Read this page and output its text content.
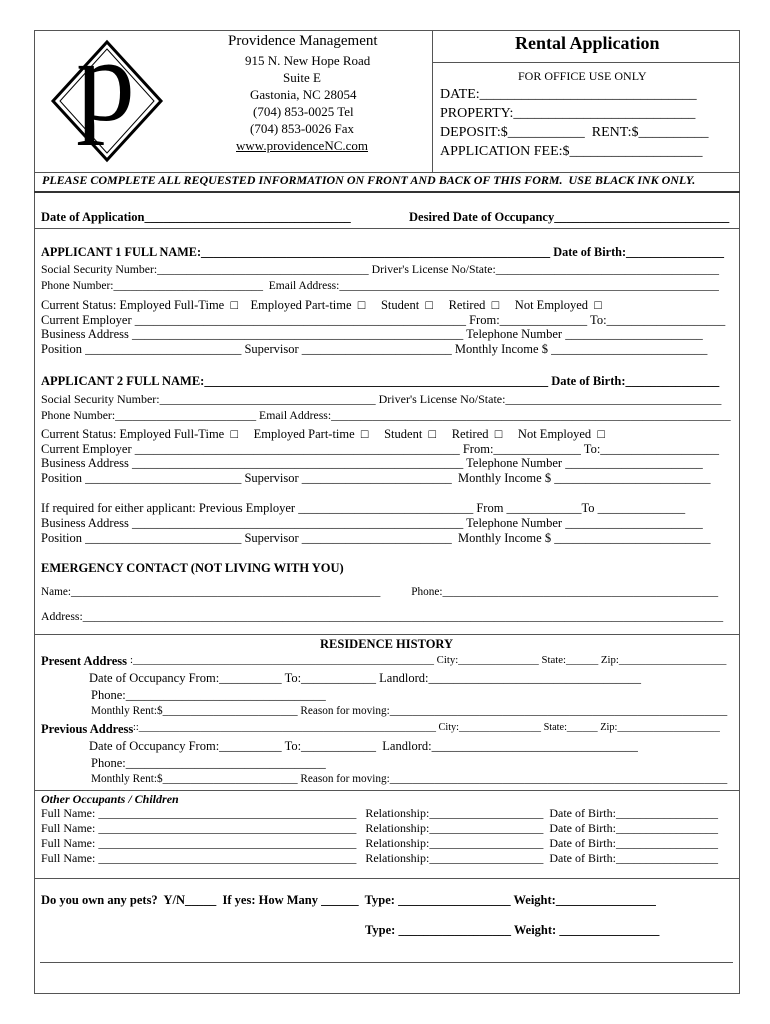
p	Providence Management
915 N. New Hope Road
Suite E
Gastonia, NC 28054
(704) 853-0025 Tel
(704) 853-0026 Fax
www.providenceNC.com
Rental Application
FOR OFFICE USE ONLY
DATE:_______________________________
PROPERTY:__________________________
DEPOSIT:$___________  RENT:$__________
APPLICATION FEE:$___________________
PLEASE COMPLETE ALL REQUESTED INFORMATION ON FRONT AND BACK OF THIS FORM.  USE BLACK INK ONLY.
Date of Application_________________________________	Desired Date of Occupancy____________________________
APPLICANT 1 FULL NAME:_________________________________________________________ Date of Birth:________________
Social Security Number:____________________________________ Driver's License No/State:______________________________________
Phone Number:__________________________  Email Address:__________________________________________________________________
Current Status: Employed Full-Time  □    Employed Part-time  □     Student  □     Retired  □     Not Employed  □
Current Employer _____________________________________________________ From:______________ To:___________________
Business Address _____________________________________________________ Telephone Number ______________________
Position _________________________ Supervisor ________________________ Monthly Income $ _________________________
APPLICANT 2 FULL NAME:_______________________________________________________ Date of Birth:_______________
Social Security Number:____________________________________ Driver's License No/State:____________________________________
Phone Number:________________________ Email Address:____________________________________________________________________
Current Status: Employed Full-Time  □     Employed Part-time  □     Student  □     Retired  □     Not Employed  □
Current Employer ____________________________________________________ From:______________ To:___________________
Business Address _____________________________________________________ Telephone Number ______________________
Position _________________________ Supervisor ________________________  Monthly Income $ _________________________
If required for either applicant: Previous Employer ____________________________ From ____________To ______________
Business Address _____________________________________________________ Telephone Number ______________________
Position _________________________ Supervisor ________________________  Monthly Income $ _________________________
EMERGENCY CONTACT (NOT LIVING WITH YOU)
Name:_______________________________________________________           Phone:_________________________________________________
Address:_____________________________________________________________________________________________________________
RESIDENCE HISTORY
Present Address :________________________________________________________ City:_______________ State:______ Zip:____________________
Date of Occupancy From:__________ To:____________ Landlord:__________________________________
Phone:________________________________
Monthly Rent:$________________________ Reason for moving:____________________________________________________________
Previous Address ::__________________________________________________________ City:________________ State:______ Zip:____________________
Date of Occupancy From:__________ To:____________  Landlord:_________________________________
Phone:________________________________
Monthly Rent:$________________________ Reason for moving:____________________________________________________________
Other Occupants / Children
Full Name: ___________________________________________   Relationship:___________________  Date of Birth:_________________
Full Name: ___________________________________________   Relationship:___________________  Date of Birth:_________________
Full Name: ___________________________________________   Relationship:___________________  Date of Birth:_________________
Full Name: ___________________________________________   Relationship:___________________  Date of Birth:_________________
Do you own any pets?  Y/N_____  If yes: How Many ______  Type: __________________ Weight:________________
Type: __________________ Weight: ________________
